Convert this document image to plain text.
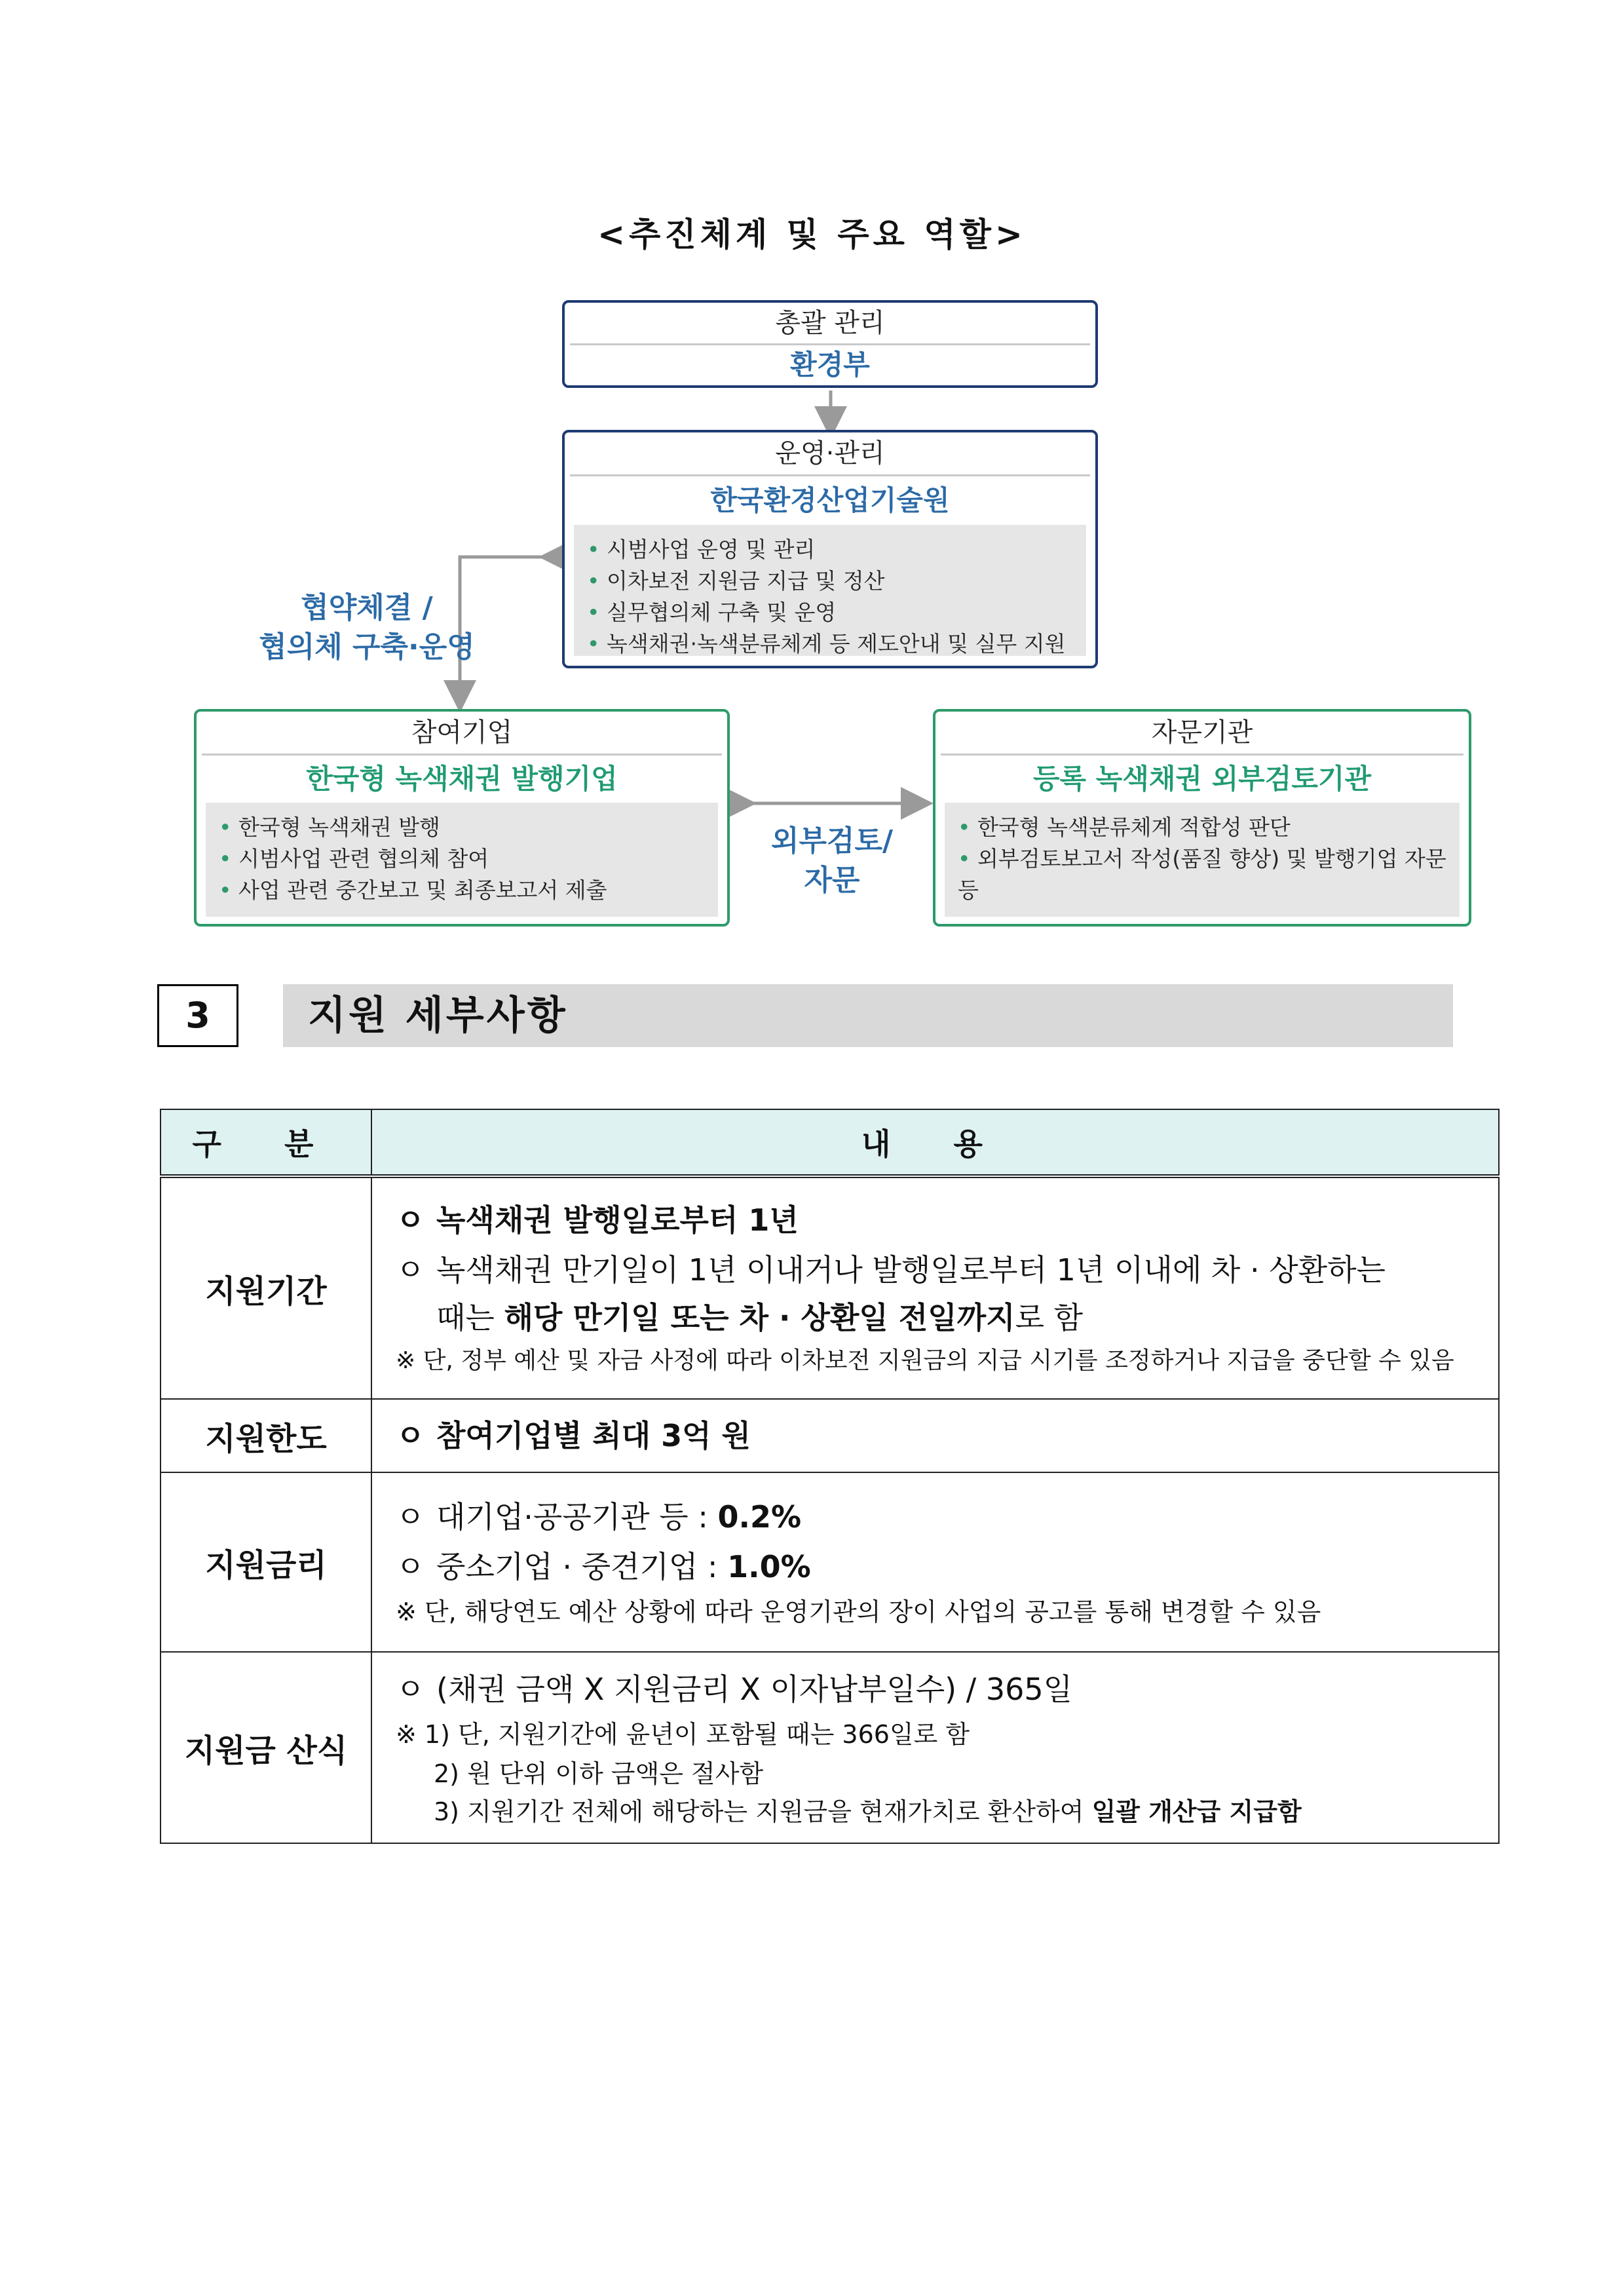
<추진체계 및 주요 역할>
총괄 관리
환경부
운영·관리
한국환경산업기술원
• 시범사업 운영 및 관리
• 이차보전 지원금 지급 및 정산
• 실무협의체 구축 및 운영
• 녹색채권·녹색분류체계 등 제도안내 및 실무 지원
협약체결 /
협의체 구축·운영
참여기업
한국형 녹색채권 발행기업
• 한국형 녹색채권 발행
• 시범사업 관련 협의체 참여
• 사업 관련 중간보고 및 최종보고서 제출
외부검토/
자문
자문기관
등록 녹색채권 외부검토기관
• 한국형 녹색분류체계 적합성 판단
• 외부검토보고서 작성(품질 향상) 및 발행기업 자문 등
3	지원 세부사항
구 분	내 용
지원기간	ㅇ 녹색채권 발행일로부터 1년
ㅇ 녹색채권 만기일이 1년 이내거나 발행일로부터 1년 이내에 차 · 상환하는
때는 해당 만기일 또는 차 · 상환일 전일까지로 함
※ 단, 정부 예산 및 자금 사정에 따라 이차보전 지원금의 지급 시기를 조정하거나 지급을 중단할 수 있음

지원한도	ㅇ 참여기업별 최대 3억 원

지원금리	ㅇ 대기업·공공기관 등 : 0.2%
ㅇ 중소기업 · 중견기업 : 1.0%
※ 단, 해당연도 예산 상황에 따라 운영기관의 장이 사업의 공고를 통해 변경할 수 있음

지원금 산식	ㅇ (채권 금액 X 지원금리 X 이자납부일수) / 365일
※ 1) 단, 지원기간에 윤년이 포함될 때는 366일로 함
2) 원 단위 이하 금액은 절사함
3) 지원기간 전체에 해당하는 지원금을 현재가치로 환산하여 일괄 개산급 지급함
